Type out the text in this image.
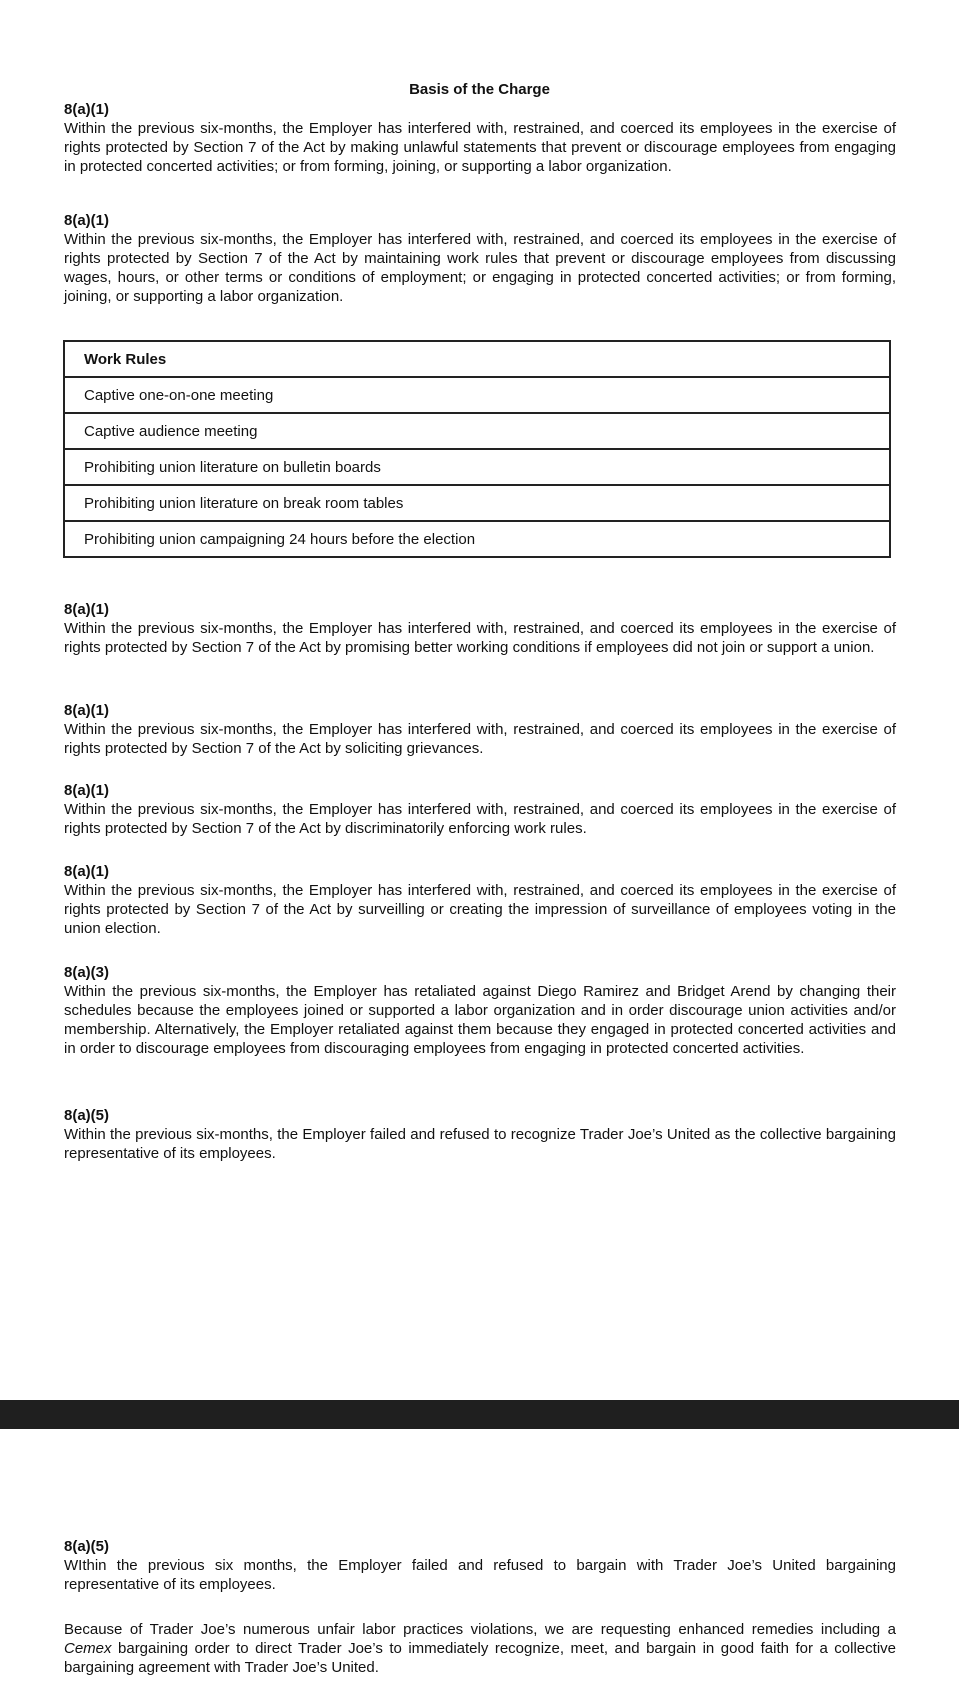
Basis of the Charge
8(a)(1)
Within the previous six-months, the Employer has interfered with, restrained, and coerced its employees in the exercise of rights protected by Section 7 of the Act by making unlawful statements that prevent or discourage employees from engaging in protected concerted activities; or from forming, joining, or supporting a labor organization.
8(a)(1)
Within the previous six-months, the Employer has interfered with, restrained, and coerced its employees in the exercise of rights protected by Section 7 of the Act by maintaining work rules that prevent or discourage employees from discussing wages, hours, or other terms or conditions of employment; or engaging in protected concerted activities; or from forming, joining, or supporting a labor organization.
Work Rules
Captive one-on-one meeting
Captive audience meeting
Prohibiting union literature on bulletin boards
Prohibiting union literature on break room tables
Prohibiting union campaigning 24 hours before the election
8(a)(1)
Within the previous six-months, the Employer has interfered with, restrained, and coerced its employees in the exercise of rights protected by Section 7 of the Act by promising better working conditions if employees did not join or support a union.
8(a)(1)
Within the previous six-months, the Employer has interfered with, restrained, and coerced its employees in the exercise of rights protected by Section 7 of the Act by soliciting grievances.
8(a)(1)
Within the previous six-months, the Employer has interfered with, restrained, and coerced its employees in the exercise of rights protected by Section 7 of the Act by discriminatorily enforcing work rules.
8(a)(1)
Within the previous six-months, the Employer has interfered with, restrained, and coerced its employees in the exercise of rights protected by Section 7 of the Act by surveilling or creating the impression of surveillance of employees voting in the union election.
8(a)(3)
Within the previous six-months, the Employer has retaliated against Diego Ramirez and Bridget Arend by changing their schedules because the employees joined or supported a labor organization and in order discourage union activities and/or membership. Alternatively, the Employer retaliated against them because they engaged in protected concerted activities and in order to discourage employees from discouraging employees from engaging in protected concerted activities.
8(a)(5)
Within the previous six-months, the Employer failed and refused to recognize Trader Joe’s United as the collective bargaining representative of its employees.
8(a)(5)
WIthin the previous six months, the Employer failed and refused to bargain with Trader Joe’s United bargaining representative of its employees.
Because of Trader Joe’s numerous unfair labor practices violations, we are requesting enhanced remedies including a Cemex bargaining order to direct Trader Joe’s to immediately recognize, meet, and bargain in good faith for a collective bargaining agreement with Trader Joe’s United.
